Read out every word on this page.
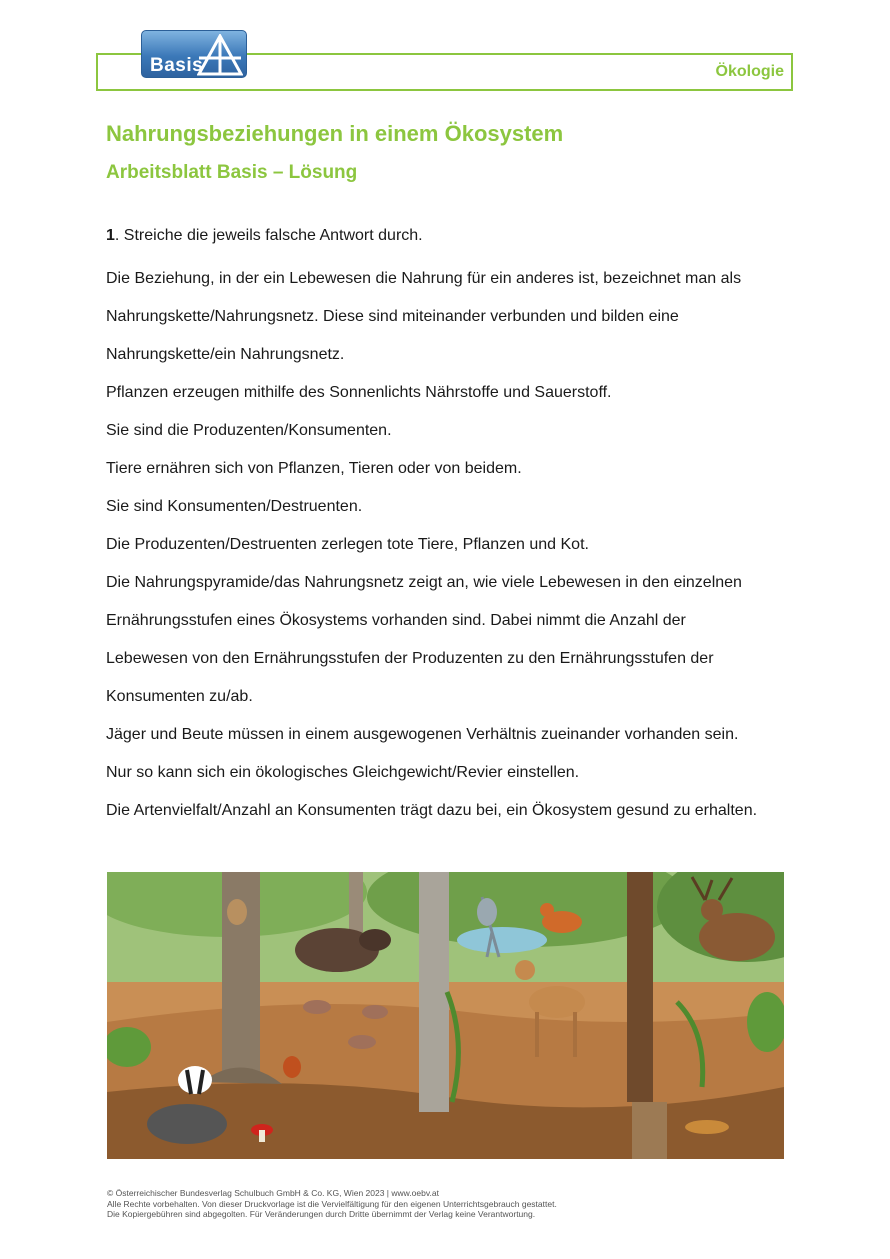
Basis	Ökologie
Nahrungsbeziehungen in einem Ökosystem
Arbeitsblatt Basis – Lösung
1. Streiche die jeweils falsche Antwort durch.
Die Beziehung, in der ein Lebewesen die Nahrung für ein anderes ist, bezeichnet man als
Nahrungskette/Nahrungsnetz. Diese sind miteinander verbunden und bilden eine
Nahrungskette/ein Nahrungsnetz.
Pflanzen erzeugen mithilfe des Sonnenlichts Nährstoffe und Sauerstoff.
Sie sind die Produzenten/Konsumenten.
Tiere ernähren sich von Pflanzen, Tieren oder von beidem.
Sie sind Konsumenten/Destruenten.
Die Produzenten/Destruenten zerlegen tote Tiere, Pflanzen und Kot.
Die Nahrungspyramide/das Nahrungsnetz zeigt an, wie viele Lebewesen in den einzelnen
Ernährungsstufen eines Ökosystems vorhanden sind. Dabei nimmt die Anzahl der
Lebewesen von den Ernährungsstufen der Produzenten zu den Ernährungsstufen der
Konsumenten zu/ab.
Jäger und Beute müssen in einem ausgewogenen Verhältnis zueinander vorhanden sein.
Nur so kann sich ein ökologisches Gleichgewicht/Revier einstellen.
Die Artenvielfalt/Anzahl an Konsumenten trägt dazu bei, ein Ökosystem gesund zu erhalten.
© Österreichischer Bundesverlag Schulbuch GmbH & Co. KG, Wien 2023 | www.oebv.at
Alle Rechte vorbehalten. Von dieser Druckvorlage ist die Vervielfältigung für den eigenen Unterrichtsgebrauch gestattet.
Die Kopiergebühren sind abgegolten. Für Veränderungen durch Dritte übernimmt der Verlag keine Verantwortung.
